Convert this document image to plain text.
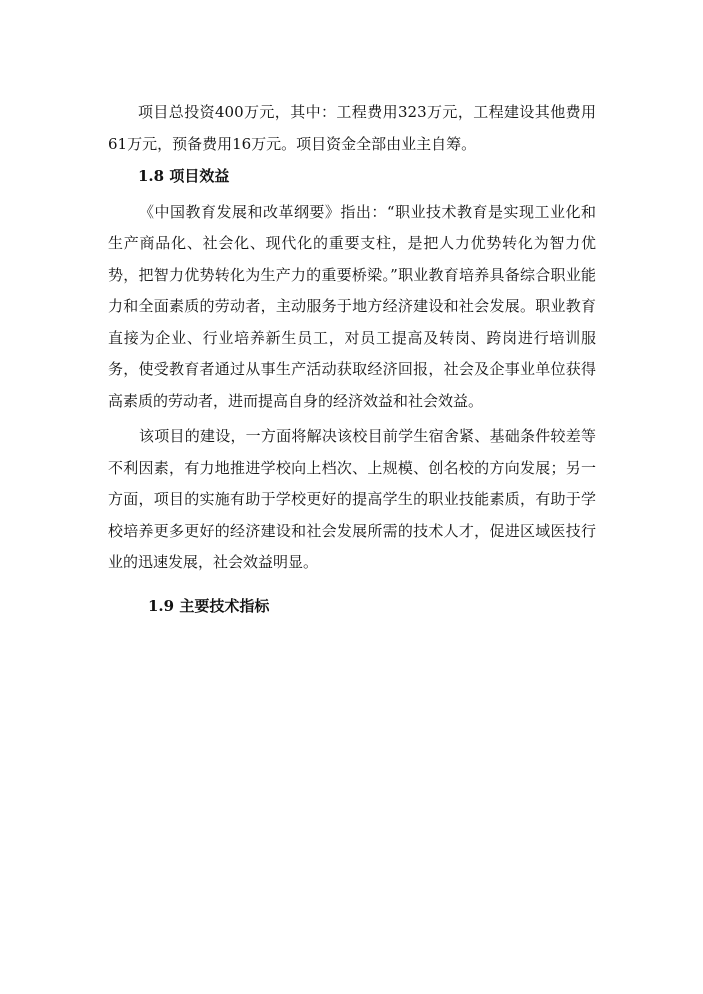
项目总投资400万元，其中：工程费用323万元，工程建设其他费用61万元，预备费用16万元。项目资金全部由业主自筹。

1.8 项目效益

《中国教育发展和改革纲要》指出：“职业技术教育是实现工业化和生产商品化、社会化、现代化的重要支柱，是把人力优势转化为智力优势，把智力优势转化为生产力的重要桥梁。”职业教育培养具备综合职业能力和全面素质的劳动者，主动服务于地方经济建设和社会发展。职业教育直接为企业、行业培养新生员工，对员工提高及转岗、跨岗进行培训服务，使受教育者通过从事生产活动获取经济回报，社会及企事业单位获得高素质的劳动者，进而提高自身的经济效益和社会效益。

该项目的建设，一方面将解决该校目前学生宿舍紧、基础条件较差等不利因素，有力地推进学校向上档次、上规模、创名校的方向发展；另一方面，项目的实施有助于学校更好的提高学生的职业技能素质，有助于学校培养更多更好的经济建设和社会发展所需的技术人才，促进区域医技行业的迅速发展，社会效益明显。

1.9 主要技术指标
